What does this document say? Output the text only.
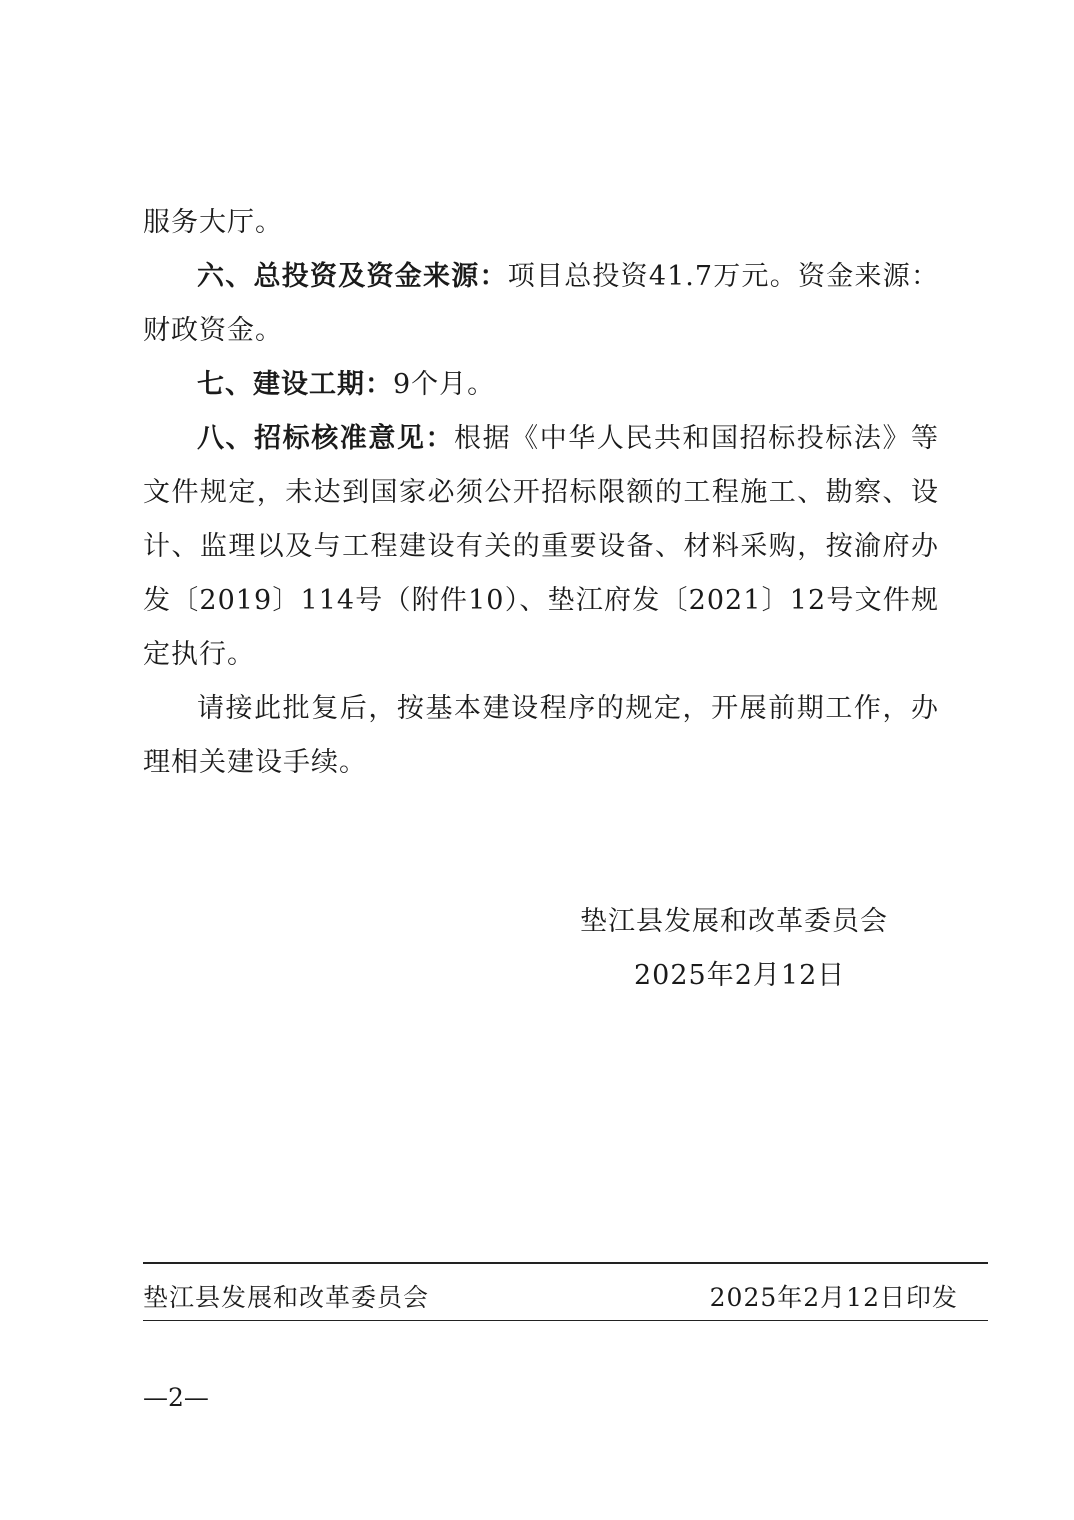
服务大厅。

六、总投资及资金来源：项目总投资41.7万元。资金来源：财政资金。

七、建设工期：9个月。

八、招标核准意见：根据《中华人民共和国招标投标法》等文件规定，未达到国家必须公开招标限额的工程施工、勘察、设计、监理以及与工程建设有关的重要设备、材料采购，按渝府办发〔2019〕114号（附件10）、垫江府发〔2021〕12号文件规定执行。

请接此批复后，按基本建设程序的规定，开展前期工作，办理相关建设手续。

垫江县发展和改革委员会
2025年2月12日
垫江县发展和改革委员会	2025年2月12日印发
—2—
